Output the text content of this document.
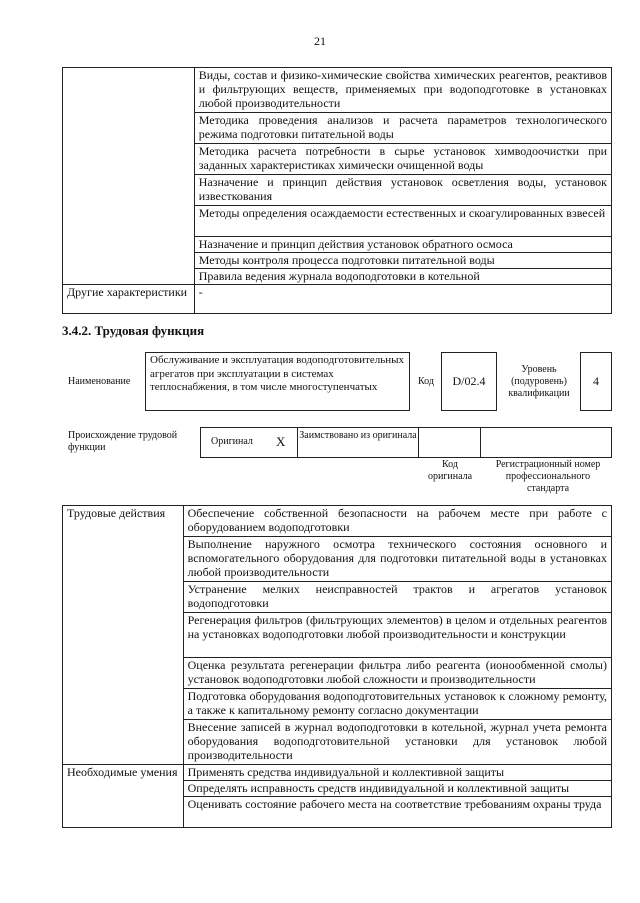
21
	Виды, состав и физико-химические свойства химических реагентов, реактивов и фильтрующих веществ, применяемых при водоподготовке в установках любой производительности
	Методика проведения анализов и расчета параметров технологического режима подготовки питательной воды
	Методика расчета потребности в сырье установок химводоочистки при заданных характеристиках химически очищенной воды
	Назначение и принцип действия установок осветления воды, установок известкования
	Методы определения осаждаемости естественных и скоагулированных взвесей
	Назначение и принцип действия установок обратного осмоса
	Методы контроля процесса подготовки питательной воды
	Правила ведения журнала водоподготовки в котельной
Другие характеристики	-
3.4.2. Трудовая функция
Наименование
Обслуживание и эксплуатация водоподготовительных агрегатов при эксплуатации в системах теплоснабжения, в том числе многоступенчатых	Код	D/02.4
Уровень (подуровень) квалификации
4
Происхождение трудовой функции
Оригинал X Заимствовано из оригинала
Код оригинала
Регистрационный номер профессионального стандарта
Трудовые действия	Обеспечение собственной безопасности на рабочем месте при работе с оборудованием водоподготовки
	Выполнение наружного осмотра технического состояния основного и вспомогательного оборудования для подготовки питательной воды в установках любой производительности
	Устранение мелких неисправностей трактов и агрегатов установок водоподготовки
	Регенерация фильтров (фильтрующих элементов) в целом и отдельных реагентов на установках водоподготовки любой производительности и конструкции
	Оценка результата регенерации фильтра либо реагента (ионообменной смолы) установок водоподготовки любой сложности и производительности
	Подготовка оборудования водоподготовительных установок к сложному ремонту, а также к капитальному ремонту согласно документации
	Внесение записей в журнал водоподготовки в котельной, журнал учета ремонта оборудования водоподготовительной установки для установок любой производительности
Необходимые умения	Применять средства индивидуальной и коллективной защиты
	Определять исправность средств индивидуальной и коллективной защиты
	Оценивать состояние рабочего места на соответствие требованиям охраны труда
